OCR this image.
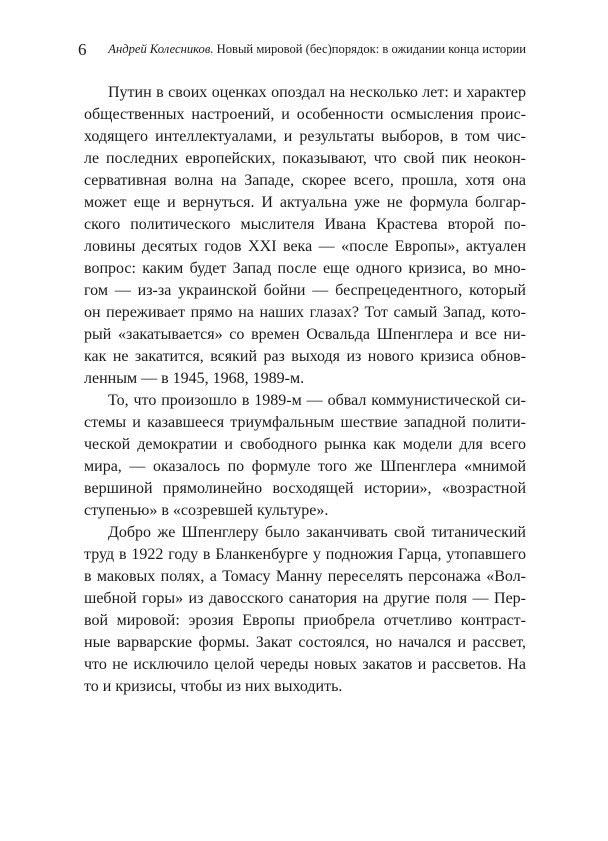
6 Андрей Колесников. Новый мировой (бес)порядок: в ожидании конца истории
Путин в своих оценках опоздал на несколько лет: и характер
общественных настроений, и особенности осмысления проис-
ходящего интеллектуалами, и результаты выборов, в том чис-
ле последних европейских, показывают, что свой пик неокон-
сервативная волна на Западе, скорее всего, прошла, хотя она
может еще и вернуться. И актуальна уже не формула болгар-
ского политического мыслителя Ивана Крастева второй по-
ловины десятых годов XXI века — «после Европы», актуален
вопрос: каким будет Запад после еще одного кризиса, во мно-
гом — из-за украинской бойни — беспрецедентного, который
он переживает прямо на наших глазах? Тот самый Запад, кото-
рый «закатывается» со времен Освальда Шпенглера и все ни-
как не закатится, всякий раз выходя из нового кризиса обнов-
ленным — в 1945, 1968, 1989-м.
То, что произошло в 1989-м — обвал коммунистической си-
стемы и казавшееся триумфальным шествие западной полити-
ческой демократии и свободного рынка как модели для всего
мира, — оказалось по формуле того же Шпенглера «мнимой
вершиной прямолинейно восходящей истории», «возрастной
ступенью» в «созревшей культуре».
Добро же Шпенглеру было заканчивать свой титанический
труд в 1922 году в Бланкенбурге у подножия Гарца, утопавшего
в маковых полях, а Томасу Манну переселять персонажа «Вол-
шебной горы» из давосского санатория на другие поля — Пер-
вой мировой: эрозия Европы приобрела отчетливо контраст-
ные варварские формы. Закат состоялся, но начался и рассвет,
что не исключило целой череды новых закатов и рассветов. На
то и кризисы, чтобы из них выходить.
